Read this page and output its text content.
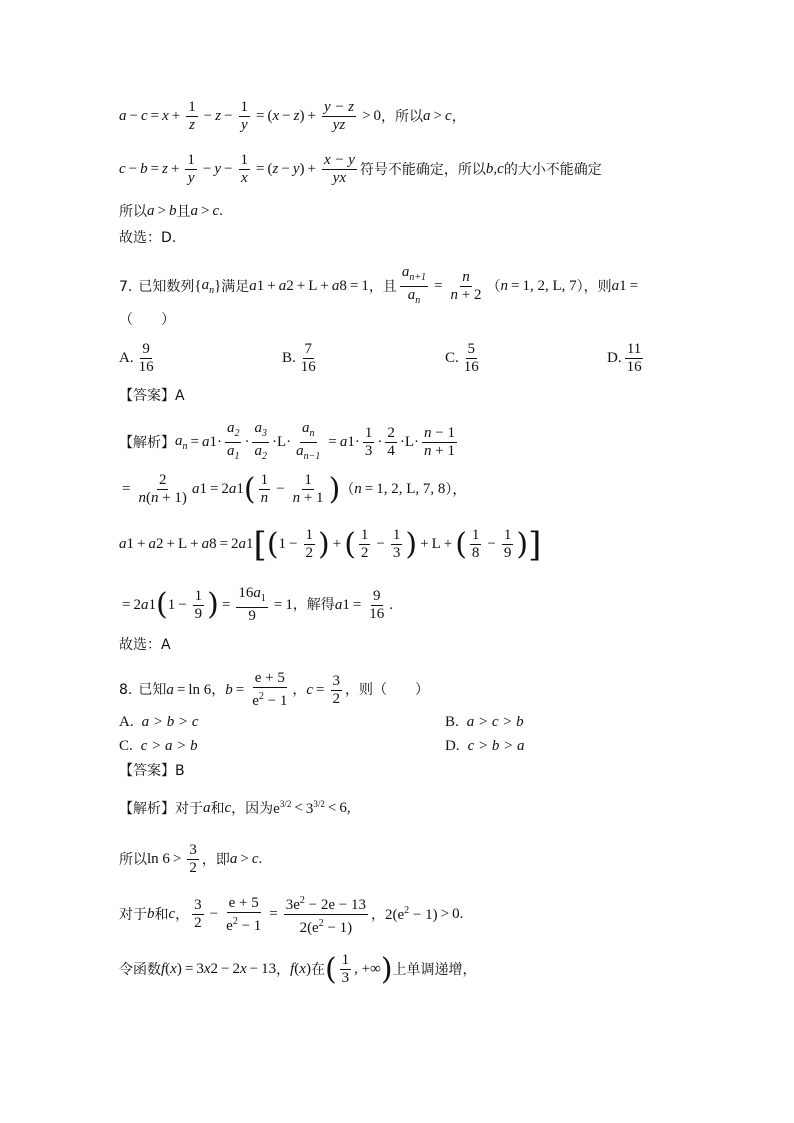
$a - c = x + \frac{1}{z} - z - \frac{1}{y}$ = ( x − z ) + $\frac{y - z}{yz} > 0$ ，所以 a > c ，
$c - b = z + \frac{1}{y} - y - \frac{1}{x}$ = ( z − y ) + $\frac{x - y}{yx}$ 符号不能确定，所以 b , c 的大小不能确定
所以 a > b 且 a > c .
故选：D.
7. 已知数列 { $a_n$ } 满足 a 1 + a 2 + L + a 8 = 1 ，且 $\frac{a_{n+1}}{a_n} = \frac{n}{n + 2}$ （ n = 1, 2, L, 7 ），则 a 1 =
（　　）
A. $\frac{9}{16}$	B. $\frac{7}{16}$	C. $\frac{5}{16}$	D. $\frac{11}{16}$
【答案】A
【解析】 $a_n = a$ $1 \cdot \frac{a_2}{a_1} \cdot \frac{a_3}{a_2} \cdot L \cdot \frac{a_n}{a_{n-1}} = a$ $1 \cdot \frac{1}{3} \cdot \frac{2}{4} \cdot L \cdot \frac{n - 1}{n + 1}$
= $\frac{2}{n(n + 1)}$ a 1 = 2 a 1 ( $\frac{1}{n} - \frac{1}{n + 1}$ ) （ n = 1, 2, L, 7, 8 ），
a 1 + a 2 + L + a 8 = 2 a 1 [ ( $1 - \frac{1}{2}$ ) + ( $\frac{1}{2} - \frac{1}{3}$ ) + L + ( $\frac{1}{8} - \frac{1}{9}$ ) ]
= 2 a 1 ( $1 - \frac{1}{9}$ ) = $\frac{16a_1}{9} = 1$ ，解得 a $1 = \frac{9}{16}$ .
故选：A
8. 已知 a = ln 6 ， $b = \frac{e + 5}{e^2 - 1}$ ， $c = \frac{3}{2}$ ，则（　　）
A. a > b > c	B. a > c > b
C. c > a > b	D. c > b > a
【答案】B
【解析】 对于 a 和 c ，因为 $e^{3/2} < 3^{3/2} < 6$ ,
所以 $\ln 6 > \frac{3}{2}$ ，即 a > c .
对于 b 和 c ， $\frac{3}{2} - \frac{e + 5}{e^2 - 1} = \frac{3e^2 - 2e - 13}{2(e^2 - 1)}$ ， $2(e^2 - 1) > 0$ .
令函数 f ( x ) = 3 x 2 − 2 x − 13 ， f ( x ) 在 ( $\frac{1}{3}$ , +∞ ) 上单调递增，
